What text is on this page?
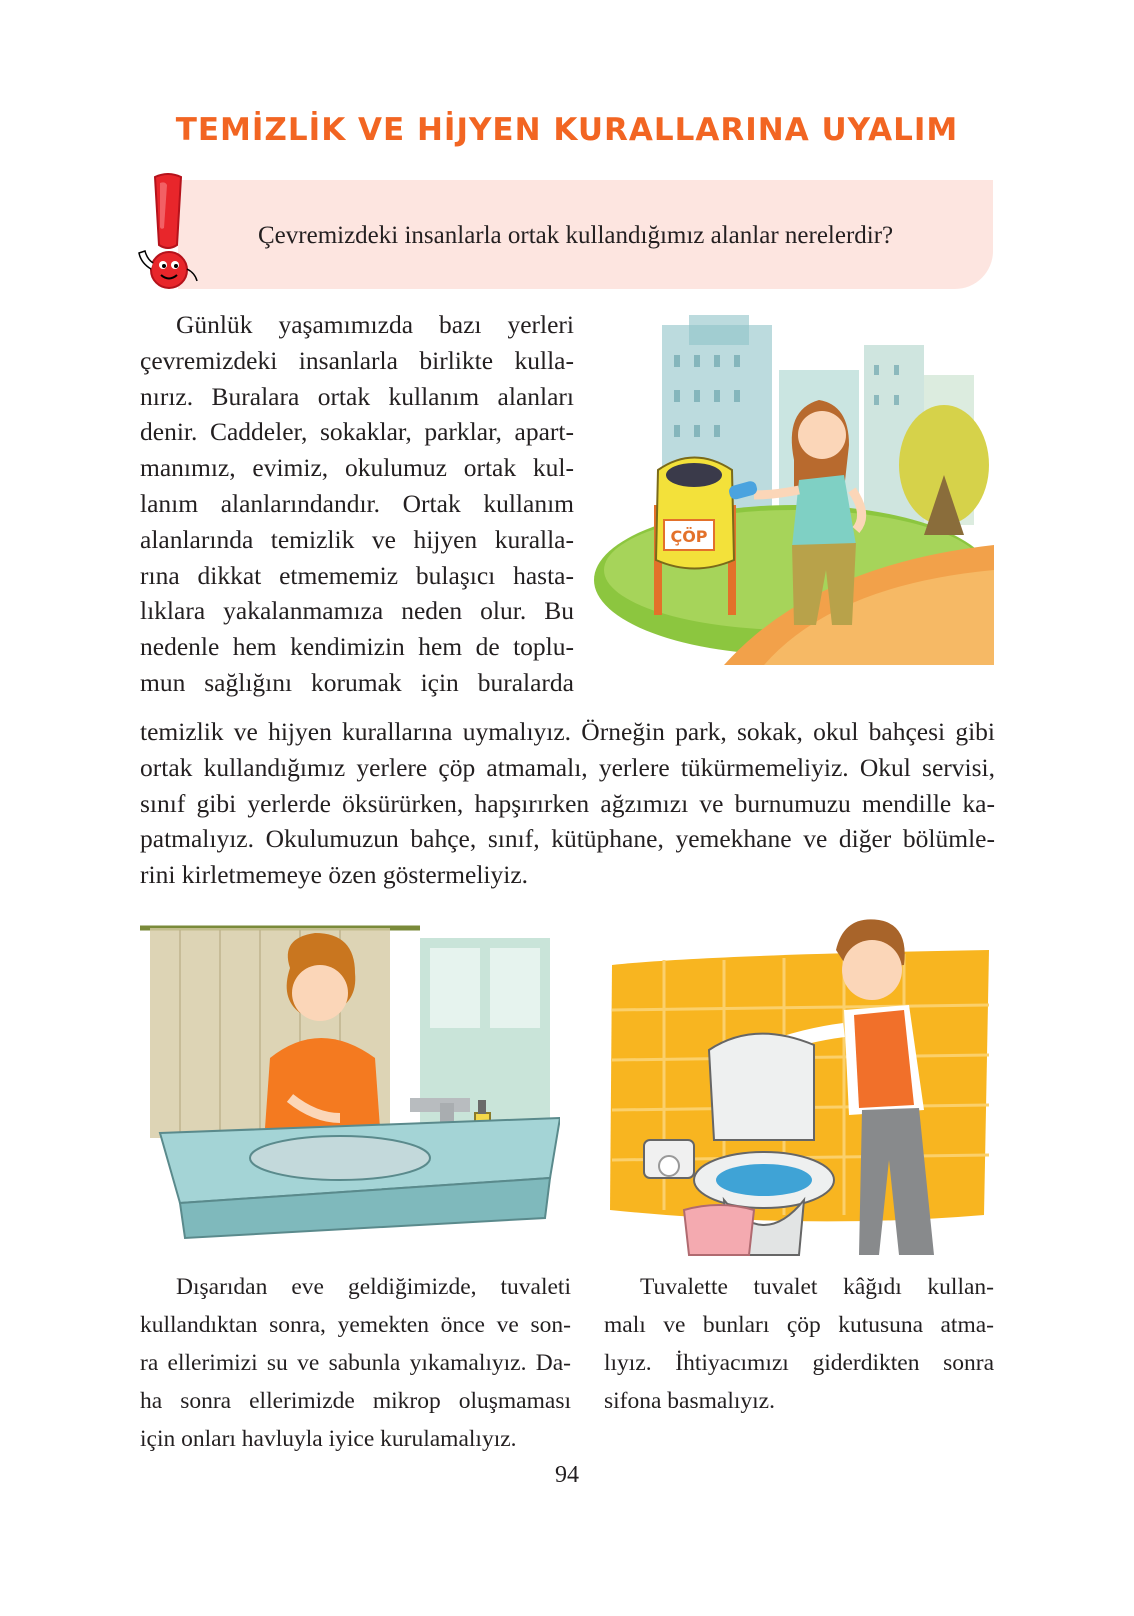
TEMİZLİK VE HİJYEN KURALLARINA UYALIM
Çevremizdeki insanlarla ortak kullandığımız alanlar nerelerdir?

Günlük yaşamımızda bazı yerleri
çevremizdeki insanlarla birlikte kulla-
nırız. Buralara ortak kullanım alanları
denir. Caddeler, sokaklar, parklar, apart-
manımız, evimiz, okulumuz ortak kul-
lanım alanlarındandır. Ortak kullanım
alanlarında temizlik ve hijyen kuralla-
rına dikkat etmememiz bulaşıcı hasta-
lıklara yakalanmamıza neden olur. Bu
nedenle hem kendimizin hem de toplu-
mun sağlığını korumak için buralarda

ÇÖP

temizlik ve hijyen kurallarına uymalıyız. Örneğin park, sokak, okul bahçesi gibi
ortak kullandığımız yerlere çöp atmamalı, yerlere tükürmemeliyiz. Okul servisi,
sınıf gibi yerlerde öksürürken, hapşırırken ağzımızı ve burnumuzu mendille ka-
patmalıyız. Okulumuzun bahçe, sınıf, kütüphane, yemekhane ve diğer bölümle-
rini kirletmemeye özen göstermeliyiz.

Dışarıdan eve geldiğimizde, tuvaleti
kullandıktan sonra, yemekten önce ve son-
ra ellerimizi su ve sabunla yıkamalıyız. Da-
ha sonra ellerimizde mikrop oluşmaması
için onları havluyla iyice kurulamalıyız.

Tuvalette tuvalet kâğıdı kullan-
malı ve bunları çöp kutusuna atma-
lıyız. İhtiyacımızı giderdikten sonra
sifona basmalıyız.

94
